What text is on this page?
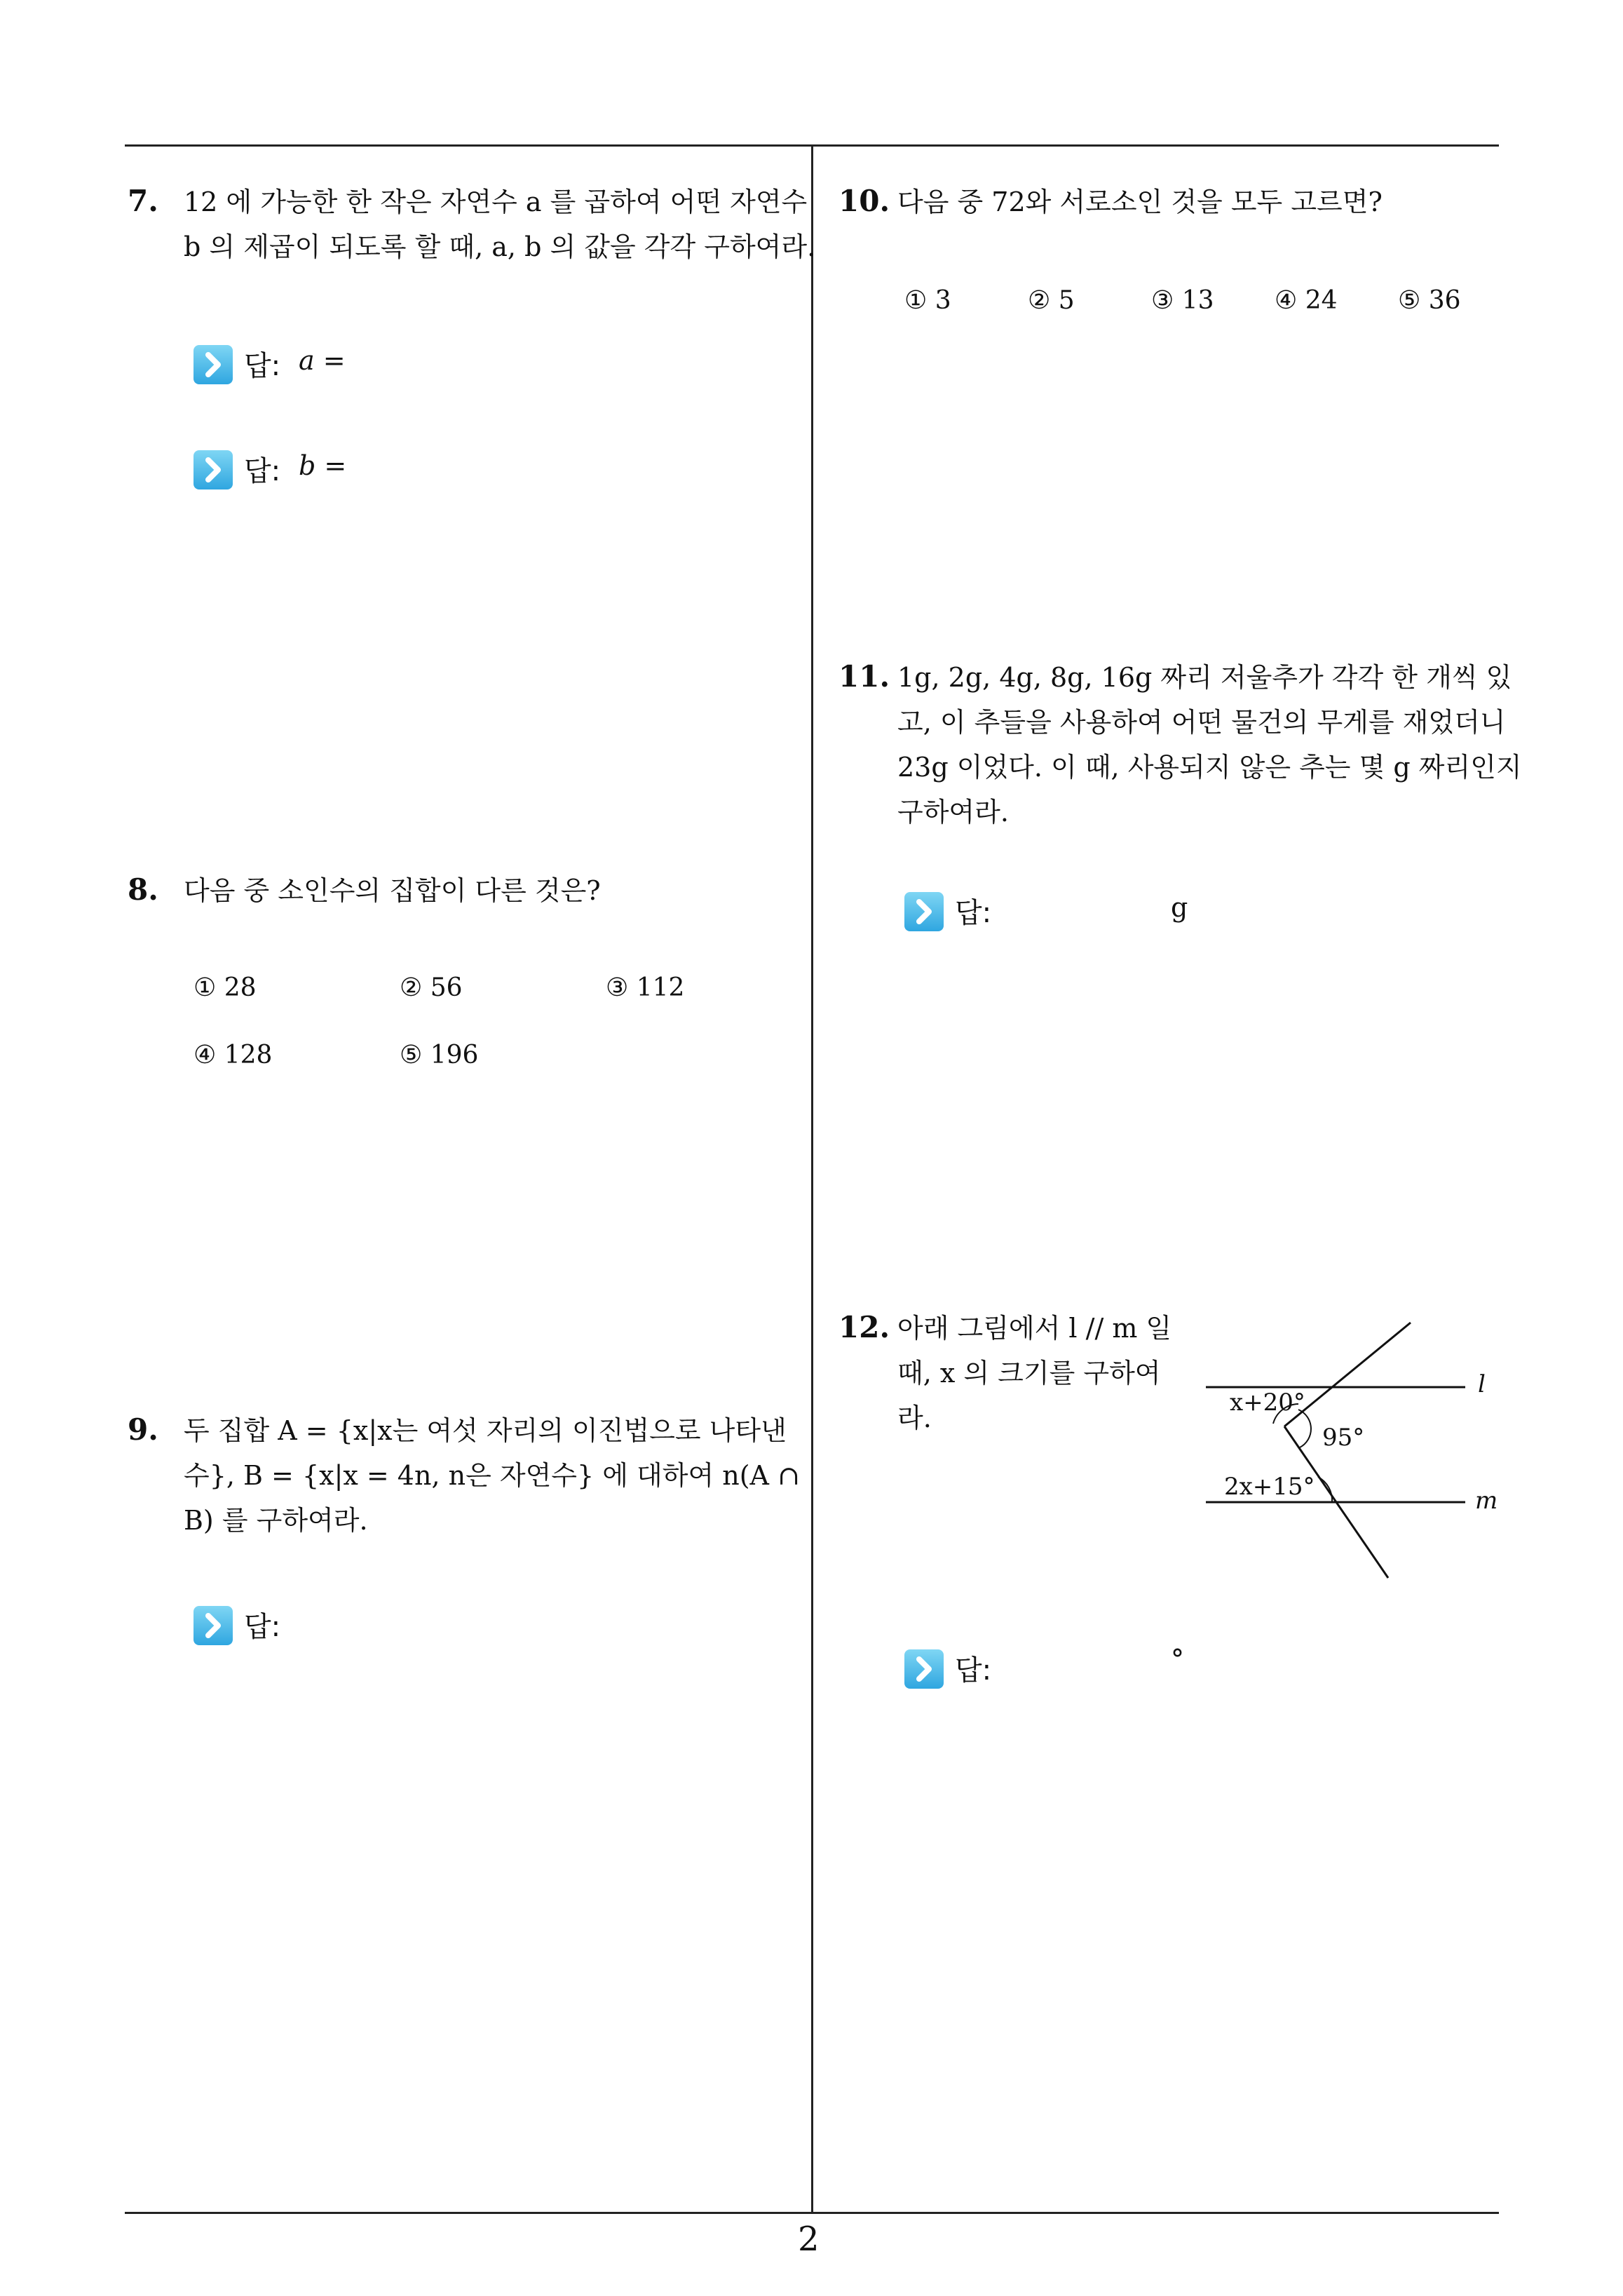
7. 12 에 가능한 한 작은 자연수 a 를 곱하여 어떤 자연수

b 의 제곱이 되도록 할 때, a, b 의 값을 각각 구하여라.

답: a =
답: b =
8. 다음 중 소인수의 집합이 다른 것은?

① 28	② 56	③ 112
④ 128	⑤ 196
9. 두 집합 A = {x|x는 여섯 자리의 이진법으로 나타낸

수}, B = {x|x = 4n, n은 자연수} 에 대하여 n(A ∩

B) 를 구하여라.

답:
10. 다음 중 72와 서로소인 것을 모두 고르면?

① 3	② 5	③ 13 ④ 24 ⑤ 36
11. 1g, 2g, 4g, 8g, 16g 짜리 저울추가 각각 한 개씩 있

고, 이 추들을 사용하여 어떤 물건의 무게를 재었더니

23g 이었다. 이 때, 사용되지 않은 추는 몇 g 짜리인지

구하여라.

답:	g
12. 아래 그림에서 l // m 일

때, x 의 크기를 구하여

라.

l
m
x+20°
95°
2x+15°
답:	°
2
